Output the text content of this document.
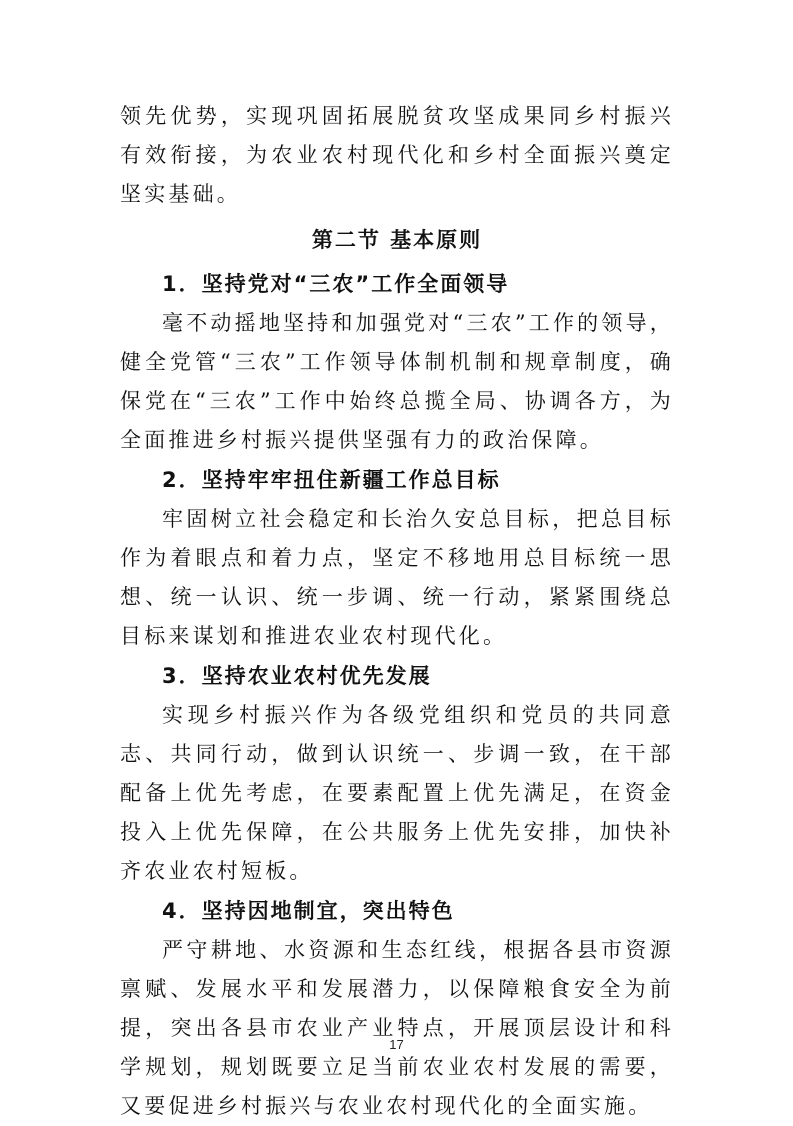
领先优势，实现巩固拓展脱贫攻坚成果同乡村振兴有效衔接，为农业农村现代化和乡村全面振兴奠定坚实基础。

第二节 基本原则
1．坚持党对“三农”工作全面领导

毫不动摇地坚持和加强党对“三农”工作的领导，健全党管“三农”工作领导体制机制和规章制度，确保党在“三农”工作中始终总揽全局、协调各方，为全面推进乡村振兴提供坚强有力的政治保障。

2．坚持牢牢扭住新疆工作总目标

牢固树立社会稳定和长治久安总目标，把总目标作为着眼点和着力点，坚定不移地用总目标统一思想、统一认识、统一步调、统一行动，紧紧围绕总目标来谋划和推进农业农村现代化。

3．坚持农业农村优先发展

实现乡村振兴作为各级党组织和党员的共同意志、共同行动，做到认识统一、步调一致，在干部配备上优先考虑，在要素配置上优先满足，在资金投入上优先保障，在公共服务上优先安排，加快补齐农业农村短板。

4．坚持因地制宜，突出特色

严守耕地、水资源和生态红线，根据各县市资源禀赋、发展水平和发展潜力，以保障粮食安全为前提，突出各县市农业产业特点，开展顶层设计和科学规划，规划既要立足当前农业农村发展的需要，又要促进乡村振兴与农业农村现代化的全面实施。

17
